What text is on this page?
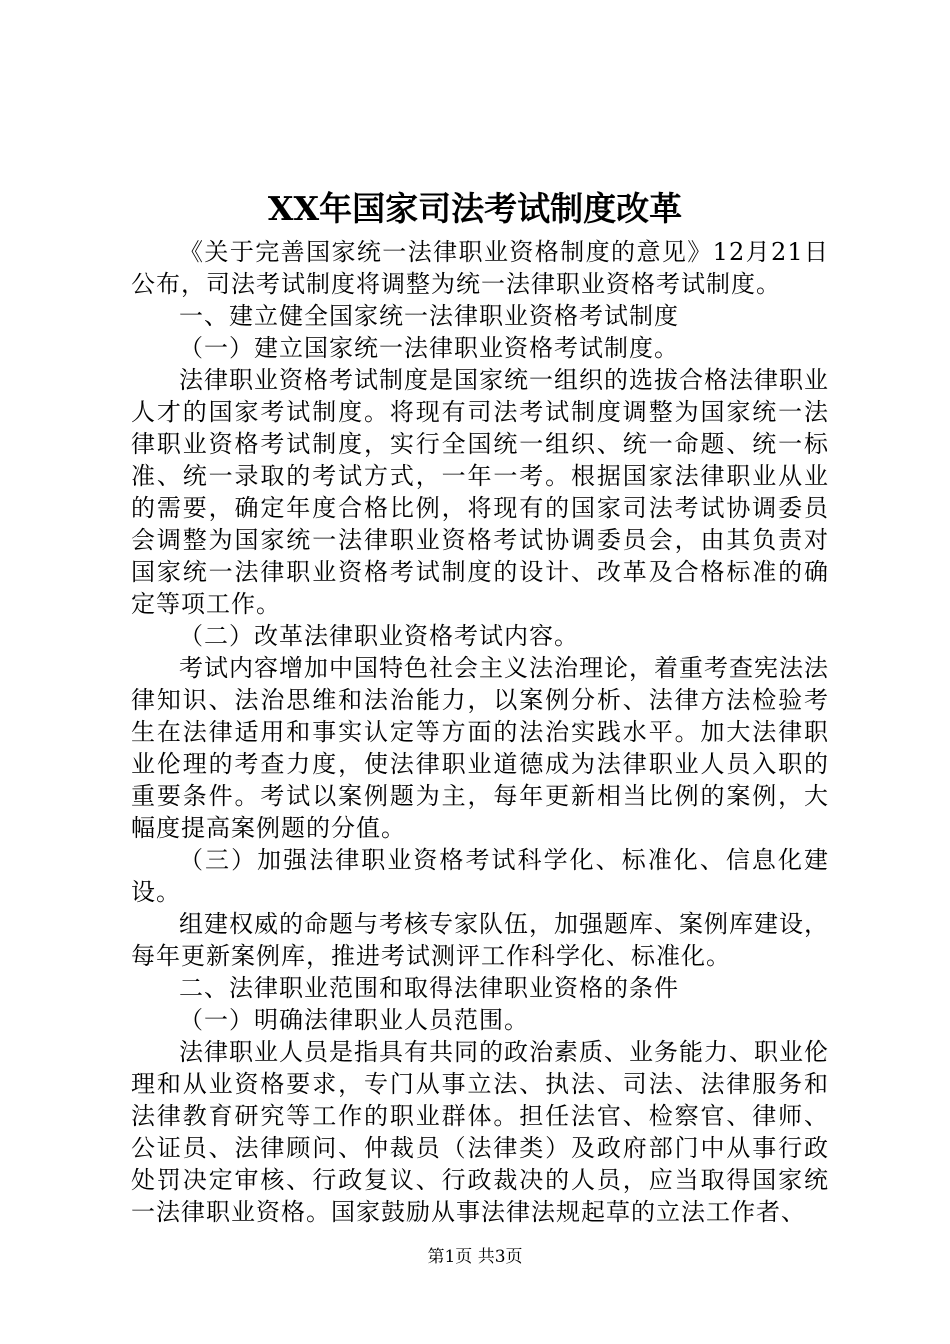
XX年国家司法考试制度改革

《关于完善国家统一法律职业资格制度的意见》12月21日公布，司法考试制度将调整为统一法律职业资格考试制度。

一、建立健全国家统一法律职业资格考试制度

（一）建立国家统一法律职业资格考试制度。

法律职业资格考试制度是国家统一组织的选拔合格法律职业人才的国家考试制度。将现有司法考试制度调整为国家统一法律职业资格考试制度，实行全国统一组织、统一命题、统一标准、统一录取的考试方式，一年一考。根据国家法律职业从业的需要，确定年度合格比例，将现有的国家司法考试协调委员会调整为国家统一法律职业资格考试协调委员会，由其负责对国家统一法律职业资格考试制度的设计、改革及合格标准的确定等项工作。

（二）改革法律职业资格考试内容。

考试内容增加中国特色社会主义法治理论，着重考查宪法法律知识、法治思维和法治能力，以案例分析、法律方法检验考生在法律适用和事实认定等方面的法治实践水平。加大法律职业伦理的考查力度，使法律职业道德成为法律职业人员入职的重要条件。考试以案例题为主，每年更新相当比例的案例，大幅度提高案例题的分值。

（三）加强法律职业资格考试科学化、标准化、信息化建设。

组建权威的命题与考核专家队伍，加强题库、案例库建设，每年更新案例库，推进考试测评工作科学化、标准化。

二、法律职业范围和取得法律职业资格的条件

（一）明确法律职业人员范围。

法律职业人员是指具有共同的政治素质、业务能力、职业伦理和从业资格要求，专门从事立法、执法、司法、法律服务和法律教育研究等工作的职业群体。担任法官、检察官、律师、公证员、法律顾问、仲裁员（法律类）及政府部门中从事行政处罚决定审核、行政复议、行政裁决的人员，应当取得国家统一法律职业资格。国家鼓励从事法律法规起草的立法工作者、

第1页 共3页
